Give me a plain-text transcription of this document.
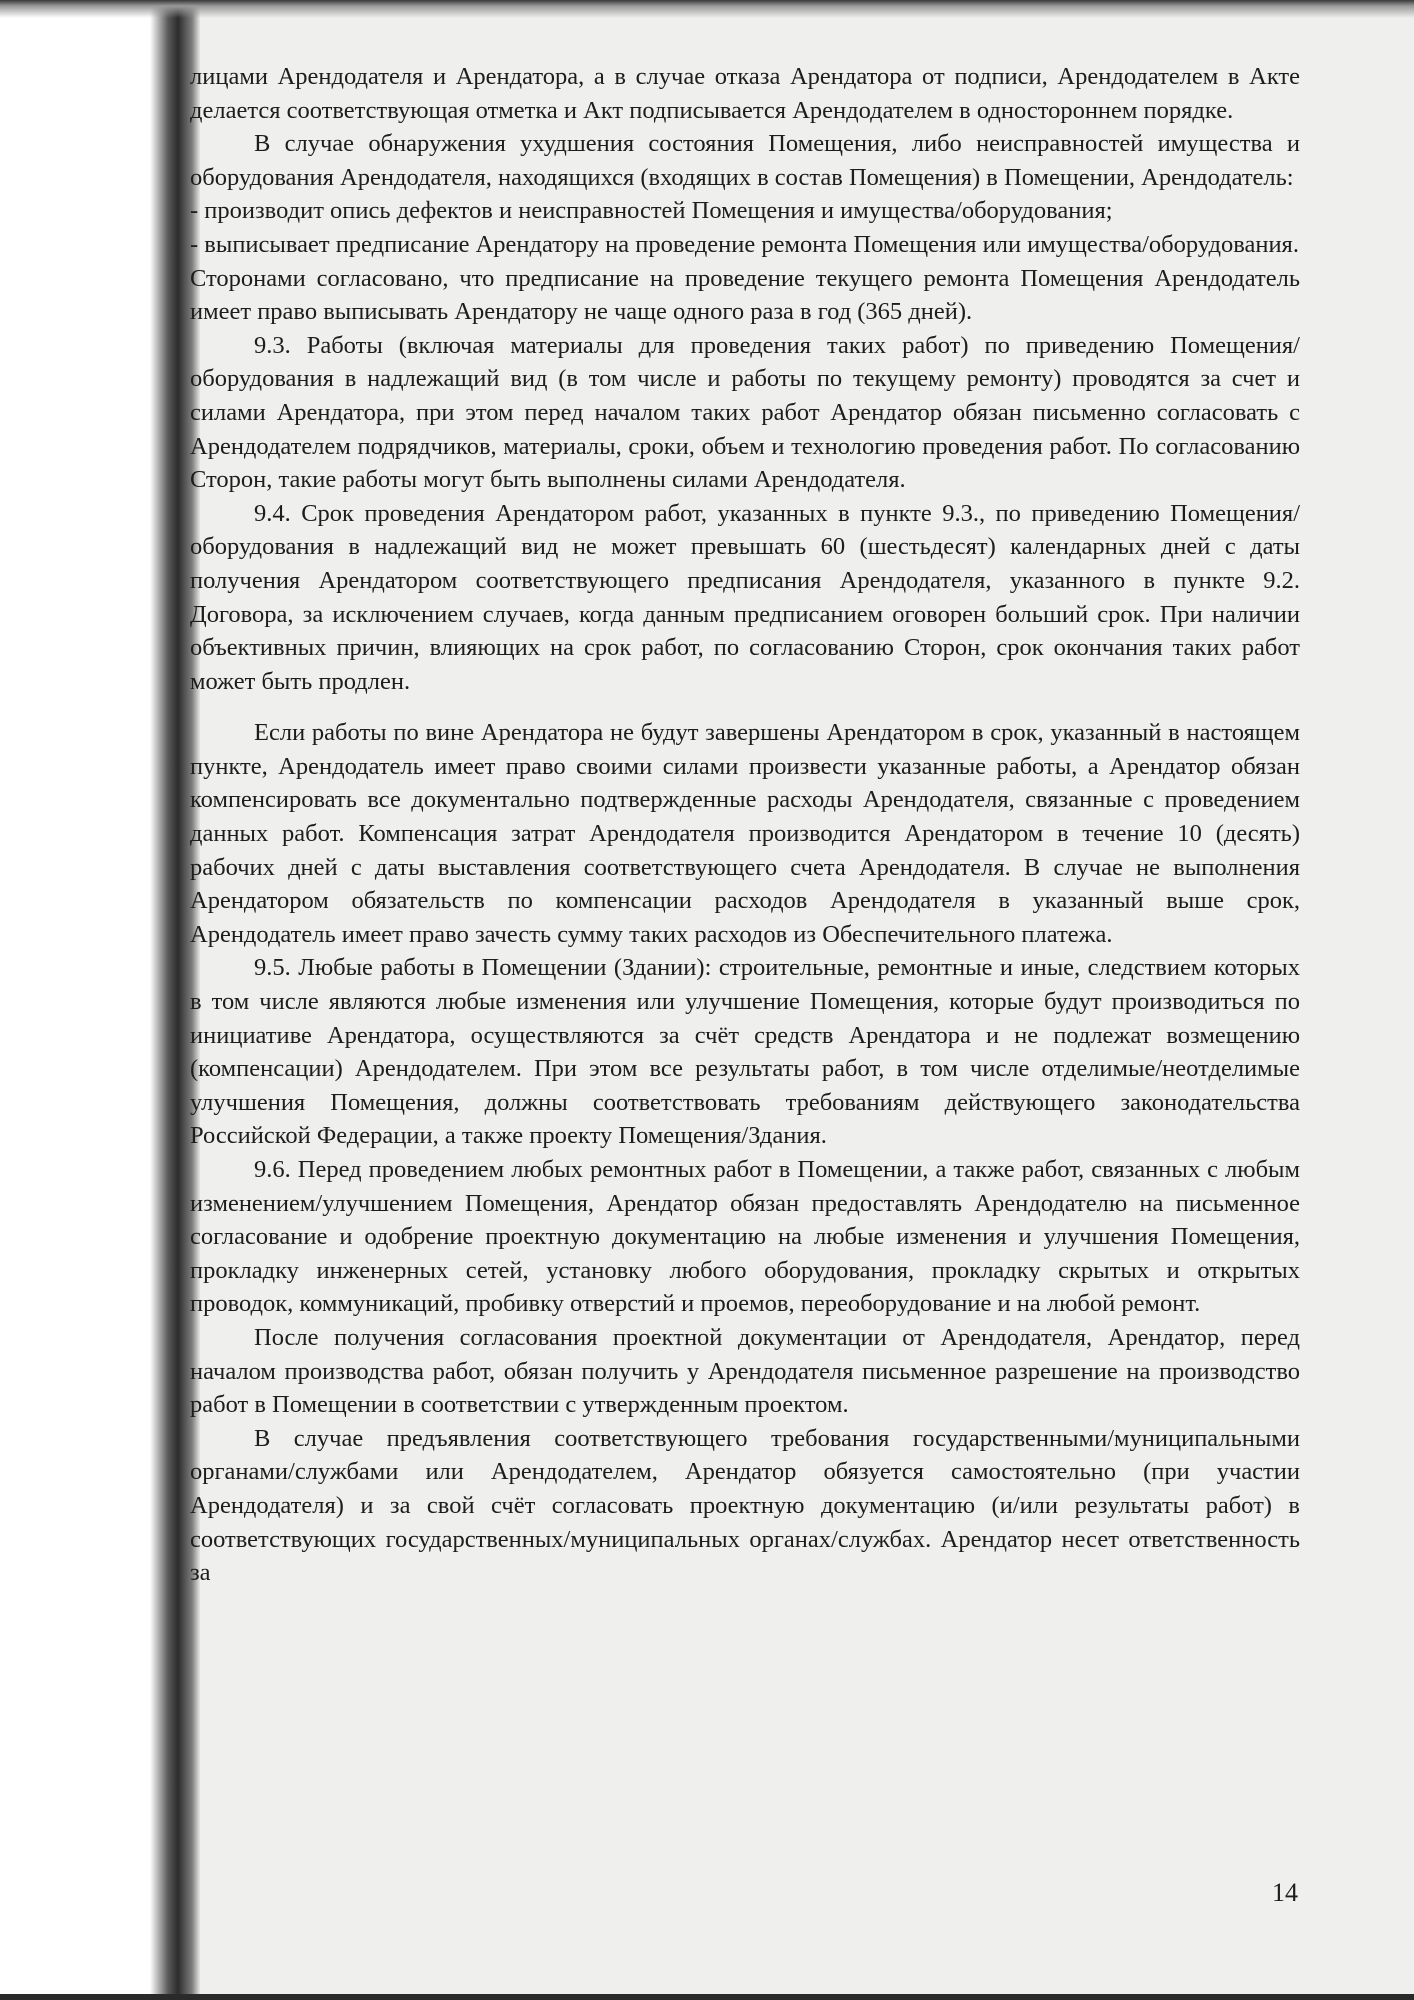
лицами Арендодателя и Арендатора, а в случае отказа Арендатора от подписи, Арендодателем в Акте делается соответствующая отметка и Акт подписывается Арендодателем в одностороннем порядке.

В случае обнаружения ухудшения состояния Помещения, либо неисправностей имущества и оборудования Арендодателя, находящихся (входящих в состав Помещения) в Помещении, Арендодатель:

- производит опись дефектов и неисправностей Помещения и имущества/оборудования;

- выписывает предписание Арендатору на проведение ремонта Помещения или имущества/оборудования.

Сторонами согласовано, что предписание на проведение текущего ремонта Помещения Арендодатель имеет право выписывать Арендатору не чаще одного раза в год (365 дней).

9.3. Работы (включая материалы для проведения таких работ) по приведению Помещения/оборудования в надлежащий вид (в том числе и работы по текущему ремонту) проводятся за счет и силами Арендатора, при этом перед началом таких работ Арендатор обязан письменно согласовать с Арендодателем подрядчиков, материалы, сроки, объем и технологию проведения работ. По согласованию Сторон, такие работы могут быть выполнены силами Арендодателя.

9.4. Срок проведения Арендатором работ, указанных в пункте 9.3., по приведению Помещения/оборудования в надлежащий вид не может превышать 60 (шестьдесят) календарных дней с даты получения Арендатором соответствующего предписания Арендодателя, указанного в пункте 9.2. Договора, за исключением случаев, когда данным предписанием оговорен больший срок. При наличии объективных причин, влияющих на срок работ, по согласованию Сторон, срок окончания таких работ может быть продлен.

Если работы по вине Арендатора не будут завершены Арендатором в срок, указанный в настоящем пункте, Арендодатель имеет право своими силами произвести указанные работы, а Арендатор обязан компенсировать все документально подтвержденные расходы Арендодателя, связанные с проведением данных работ. Компенсация затрат Арендодателя производится Арендатором в течение 10 (десять) рабочих дней с даты выставления соответствующего счета Арендодателя. В случае не выполнения Арендатором обязательств по компенсации расходов Арендодателя в указанный выше срок, Арендодатель имеет право зачесть сумму таких расходов из Обеспечительного платежа.

9.5. Любые работы в Помещении (Здании): строительные, ремонтные и иные, следствием которых в том числе являются любые изменения или улучшение Помещения, которые будут производиться по инициативе Арендатора, осуществляются за счёт средств Арендатора и не подлежат возмещению (компенсации) Арендодателем. При этом все результаты работ, в том числе отделимые/неотделимые улучшения Помещения, должны соответствовать требованиям действующего законодательства Российской Федерации, а также проекту Помещения/Здания.

9.6. Перед проведением любых ремонтных работ в Помещении, а также работ, связанных с любым изменением/улучшением Помещения, Арендатор обязан предоставлять Арендодателю на письменное согласование и одобрение проектную документацию на любые изменения и улучшения Помещения, прокладку инженерных сетей, установку любого оборудования, прокладку скрытых и открытых проводок, коммуникаций, пробивку отверстий и проемов, переоборудование и на любой ремонт.

После получения согласования проектной документации от Арендодателя, Арендатор, перед началом производства работ, обязан получить у Арендодателя письменное разрешение на производство работ в Помещении в соответствии с утвержденным проектом.

В случае предъявления соответствующего требования государственными/муниципальными органами/службами или Арендодателем, Арендатор обязуется самостоятельно (при участии Арендодателя) и за свой счёт согласовать проектную документацию (и/или результаты работ) в соответствующих государственных/муниципальных органах/службах. Арендатор несет ответственность за

14
